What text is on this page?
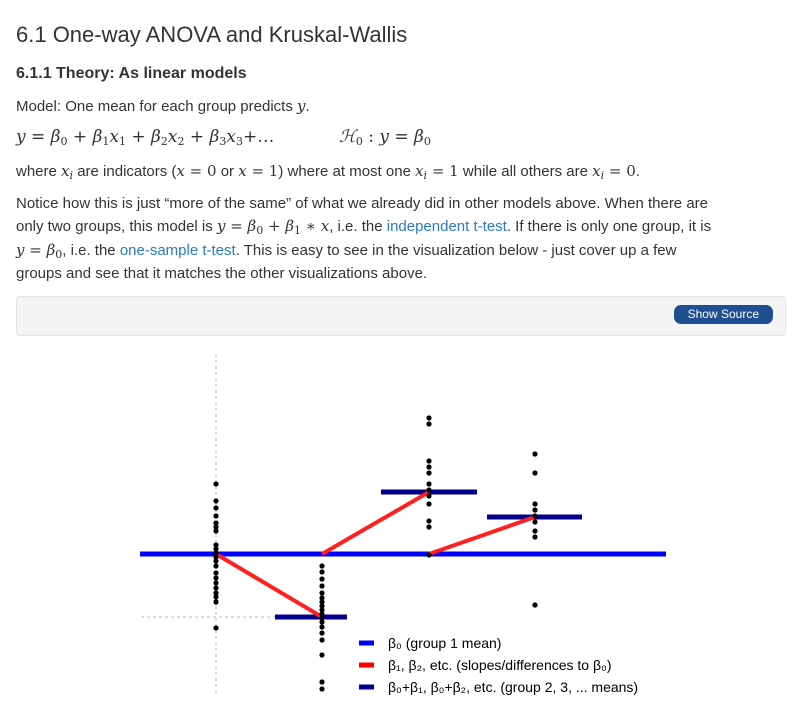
6.1 One-way ANOVA and Kruskal-Wallis
6.1.1 Theory: As linear models
Model: One mean for each group predicts y.
$y = \beta_0 + \beta_1x_1 + \beta_2x_2$ + $\beta_3x_3+\dots$	ℋ$_0$ : $y = \beta_0$
where $x_i$ are indicators (x = 0 or x = 1) where at most one $x_i = 1$ while all others are $x_i = 0$.
Notice how this is just “more of the same” of what we already did in other models above. When there are
only two groups, this model is $y = \beta_0 + \beta_1$ ∗ x, i.e. the independent t-test. If there is only one group, it is
$y = \beta_0$, i.e. the one-sample t-test. This is easy to see in the visualization below - just cover up a few
groups and see that it matches the other visualizations above.
Show Source
β₀ (group 1 mean)
β₁, β₂, etc. (slopes/differences to β₀)
β₀+β₁, β₀+β₂, etc. (group 2, 3, ... means)
